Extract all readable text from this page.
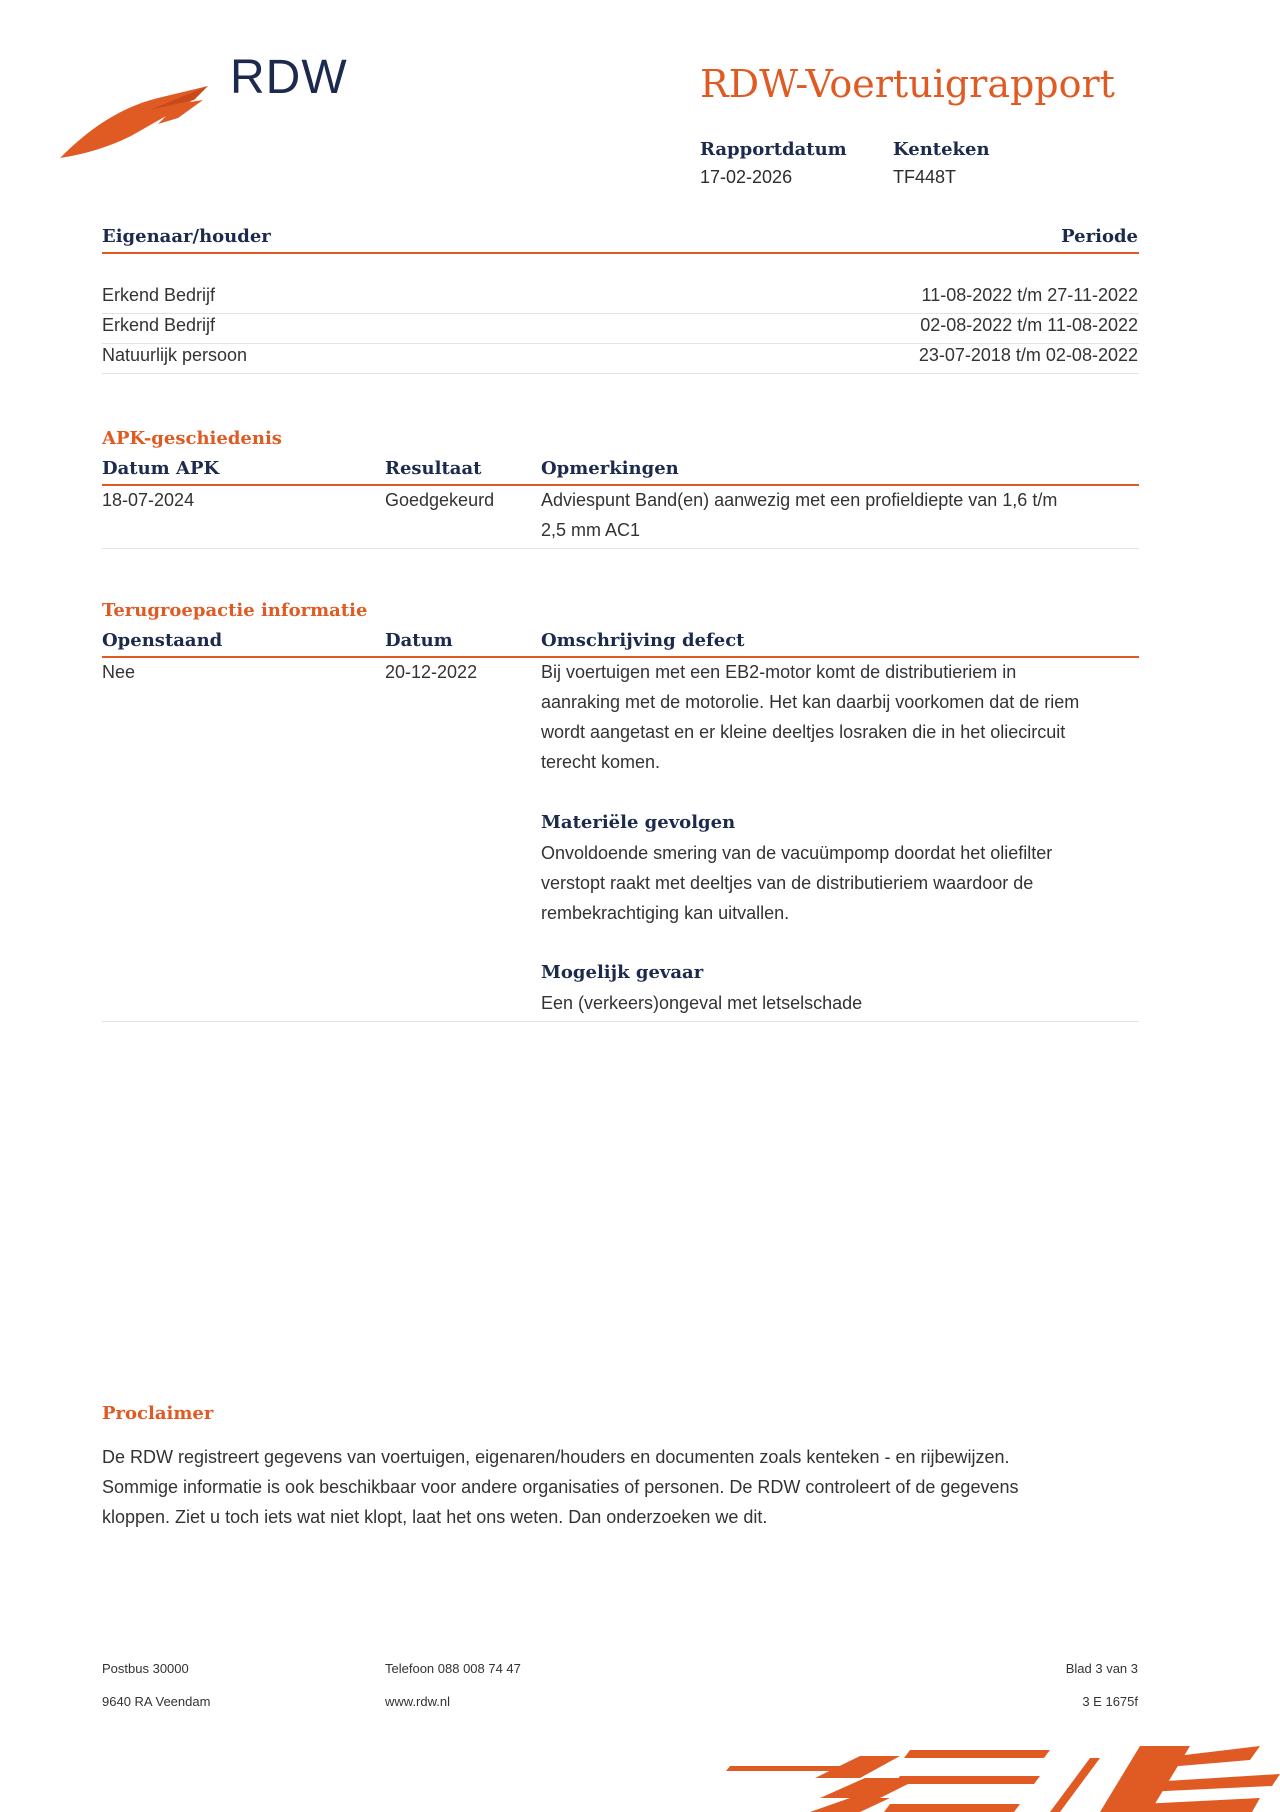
RDW	RDW-Voertuigrapport
Rapportdatum
17-02-2026
Kenteken
TF448T
Eigenaar/houder	Periode
Erkend Bedrijf	11-08-2022 t/m 27-11-2022
Erkend Bedrijf	02-08-2022 t/m 11-08-2022
Natuurlijk persoon	23-07-2018 t/m 02-08-2022
APK-geschiedenis
Datum APK	Resultaat	Opmerkingen
18-07-2024	Goedgekeurd	Adviespunt Band(en) aanwezig met een profieldiepte van 1,6 t/m
2,5 mm AC1
Terugroepactie informatie
Openstaand	Datum	Omschrijving defect
Nee	20-12-2022	Bij voertuigen met een EB2-motor komt de distributieriem in
aanraking met de motorolie. Het kan daarbij voorkomen dat de riem
wordt aangetast en er kleine deeltjes losraken die in het oliecircuit
terecht komen.
Materiële gevolgen
Onvoldoende smering van de vacuümpomp doordat het oliefilter
verstopt raakt met deeltjes van de distributieriem waardoor de
rembekrachtiging kan uitvallen.
Mogelijk gevaar
Een (verkeers)ongeval met letselschade
Proclaimer
De RDW registreert gegevens van voertuigen, eigenaren/houders en documenten zoals kenteken - en rijbewijzen.
Sommige informatie is ook beschikbaar voor andere organisaties of personen. De RDW controleert of de gegevens
kloppen. Ziet u toch iets wat niet klopt, laat het ons weten. Dan onderzoeken we dit.
Postbus 30000
9640 RA Veendam
Telefoon 088 008 74 47
www.rdw.nl
Blad 3 van 3
3 E 1675f
